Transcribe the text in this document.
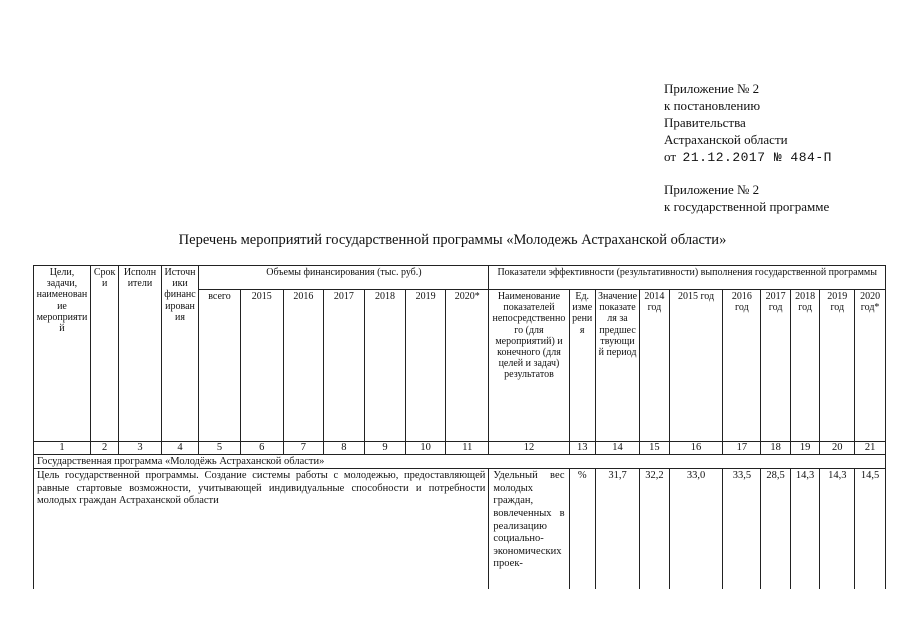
Приложение № 2
к постановлению
Правительства
Астраханской области
от 21.12.2017 № 484-П
Приложение № 2
к государственной программе
Перечень мероприятий государственной программы «Молодежь Астраханской области»
Цели, задачи, наименование мероприятий	Сроки	Исполнители	Источники финансирования	Объемы финансирования (тыс. руб.)							Показатели эффективности (результативности) выполнения государственной программы									
				всего	2015	2016	2017	2018	2019	2020*	Наименование показателей непосредственного (для мероприятий) и конечного (для целей и задач) результатов	Ед. измерения	Значение показателя за предшествующий период	2014 год	2015 год	2016 год	2017 год	2018 год	2019 год	2020 год*
1	2	3	4	5	6	7	8	9	10	11	12	13	14	15	16	17	18	19	20	21
Государственная программа «Молодёжь Астраханской области»																				
Цель государственной программы. Создание системы работы с молодежью, предоставляющей равные стартовые возможности, учитывающей индивидуальные способности и потребности молодых граждан Астраханской области											Удельный вес молодых граждан, вовлеченных в реализацию социально-экономических проек-	%	31,7	32,2	33,0	33,5	28,5	14,3	14,3	14,5
